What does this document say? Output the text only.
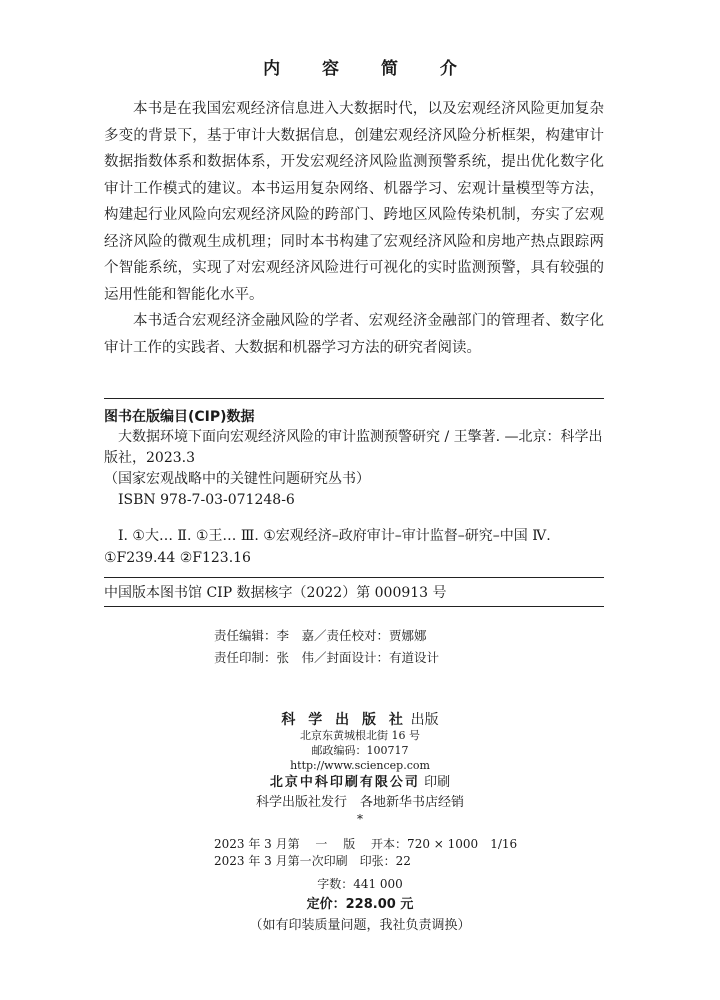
内 容 简 介

本书是在我国宏观经济信息进入大数据时代，以及宏观经济风险更加复杂多变的背景下，基于审计大数据信息，创建宏观经济风险分析框架，构建审计数据指数体系和数据体系，开发宏观经济风险监测预警系统，提出优化数字化审计工作模式的建议。本书运用复杂网络、机器学习、宏观计量模型等方法，构建起行业风险向宏观经济风险的跨部门、跨地区风险传染机制，夯实了宏观经济风险的微观生成机理；同时本书构建了宏观经济风险和房地产热点跟踪两个智能系统，实现了对宏观经济风险进行可视化的实时监测预警，具有较强的运用性能和智能化水平。

本书适合宏观经济金融风险的学者、宏观经济金融部门的管理者、数字化审计工作的实践者、大数据和机器学习方法的研究者阅读。

图书在版编目(CIP)数据
大数据环境下面向宏观经济风险的审计监测预警研究 / 王擎著. —北京：科学出版社，2023.3
（国家宏观战略中的关键性问题研究丛书）
ISBN 978-7-03-071248-6
Ⅰ. ①大… Ⅱ. ①王… Ⅲ. ①宏观经济–政府审计–审计监督–研究–中国 Ⅳ. ①F239.44 ②F123.16
中国版本图书馆 CIP 数据核字（2022）第 000913 号
责任编辑：李　嘉／责任校对：贾娜娜
责任印制：张　伟／封面设计：有道设计
科 学 出 版 社 出版
北京东黄城根北街 16 号
邮政编码：100717
http://www.sciencep.com
北京中科印刷有限公司 印刷
科学出版社发行　各地新华书店经销
*
2023 年 3 月第　 一　 版　 开本：720 × 1000　1/16
2023 年 3 月第一次印刷　印张：22
字数：441 000
定价：228.00 元
（如有印装质量问题，我社负责调换）
